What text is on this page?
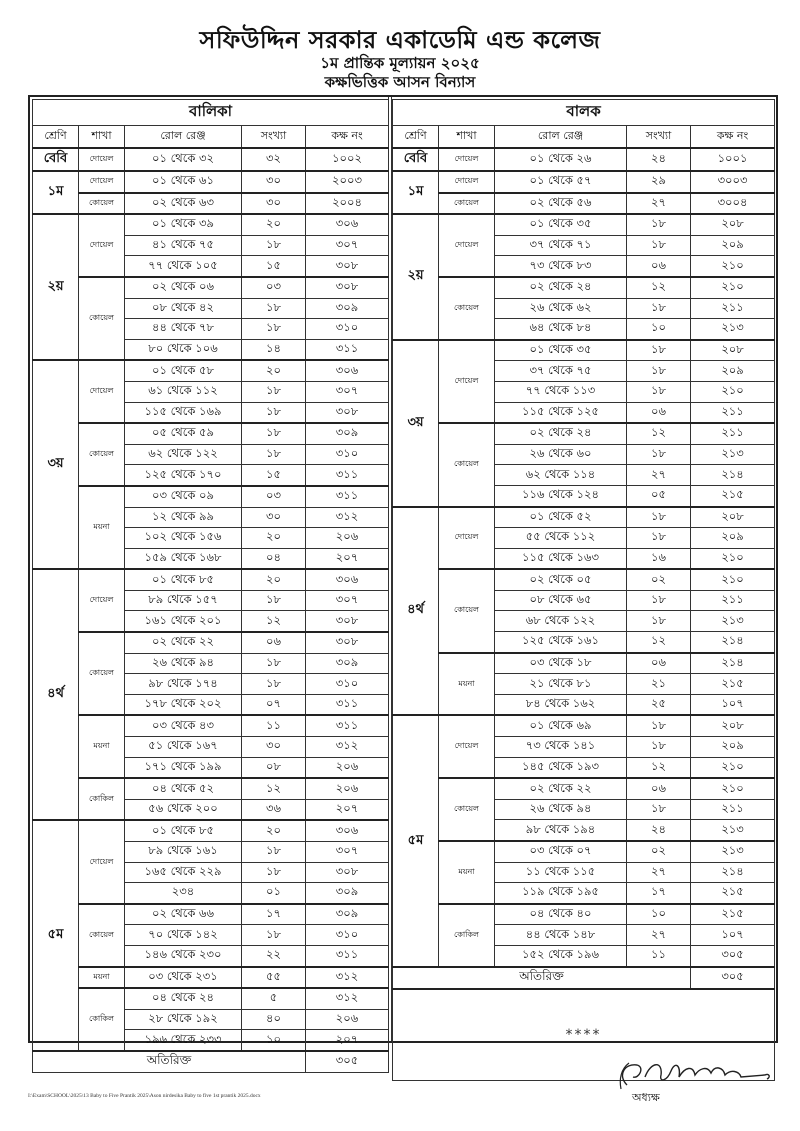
সফিউদ্দিন সরকার একাডেমি এন্ড কলেজ
১ম প্রান্তিক মূল্যায়ন ২০২৫
কক্ষভিত্তিক আসন বিন্যাস
বালিকা
শ্রেণি	শাখা	রোল রেঞ্জ	সংখ্যা	কক্ষ নং
বেবি	দোয়েল	০১ থেকে ৩২	৩২	১০০২
১ম	দোয়েল	০১ থেকে ৬১	৩০	২০০৩
কোয়েল	০২ থেকে ৬৩	৩০	২০০৪
২য়	দোয়েল	০১ থেকে ৩৯	২০	৩০৬
৪১ থেকে ৭৫	১৮	৩০৭
৭৭ থেকে ১০৫	১৫	৩০৮
কোয়েল	০২ থেকে ০৬	০৩	৩০৮
০৮ থেকে ৪২	১৮	৩০৯
৪৪ থেকে ৭৮	১৮	৩১০
৮০ থেকে ১০৬	১৪	৩১১
৩য়	দোয়েল	০১ থেকে ৫৮	২০	৩০৬
৬১ থেকে ১১২	১৮	৩০৭
১১৫ থেকে ১৬৯	১৮	৩০৮
কোয়েল	০৫ থেকে ৫৯	১৮	৩০৯
৬২ থেকে ১২২	১৮	৩১০
১২৫ থেকে ১৭০	১৫	৩১১
ময়না	০৩ থেকে ০৯	০৩	৩১১
১২ থেকে ৯৯	৩০	৩১২
১০২ থেকে ১৫৬	২০	২০৬
১৫৯ থেকে ১৬৮	০৪	২০৭
৪র্থ	দোয়েল	০১ থেকে ৮৫	২০	৩০৬
৮৯ থেকে ১৫৭	১৮	৩০৭
১৬১ থেকে ২০১	১২	৩০৮
কোয়েল	০২ থেকে ২২	০৬	৩০৮
২৬ থেকে ৯৪	১৮	৩০৯
৯৮ থেকে ১৭৪	১৮	৩১০
১৭৮ থেকে ২০২	০৭	৩১১
ময়না	০৩ থেকে ৪৩	১১	৩১১
৫১ থেকে ১৬৭	৩০	৩১২
১৭১ থেকে ১৯৯	০৮	২০৬
কোকিল	০৪ থেকে ৫২	১২	২০৬
৫৬ থেকে ২০০	৩৬	২০৭
৫ম	দোয়েল	০১ থেকে ৮৫	২০	৩০৬
৮৯ থেকে ১৬১	১৮	৩০৭
১৬৫ থেকে ২২৯	১৮	৩০৮
২৩৪	০১	৩০৯
কোয়েল	০২ থেকে ৬৬	১৭	৩০৯
৭০ থেকে ১৪২	১৮	৩১০
১৪৬ থেকে ২৩০	২২	৩১১
ময়না	০৩ থেকে ২৩১	৫৫	৩১২
কোকিল	০৪ থেকে ২৪	৫	৩১২
২৮ থেকে ১৯২	৪০	২০৬
১৯৬ থেকে ২৩৩	১০	২০৭
অতিরিক্ত	৩০৫
বালক
শ্রেণি	শাখা	রোল রেঞ্জ	সংখ্যা	কক্ষ নং
বেবি	দোয়েল	০১ থেকে ২৬	২৪	১০০১
১ম	দোয়েল	০১ থেকে ৫৭	২৯	৩০০৩
কোয়েল	০২ থেকে ৫৬	২৭	৩০০৪
২য়	দোয়েল	০১ থেকে ৩৫	১৮	২০৮
৩৭ থেকে ৭১	১৮	২০৯
৭৩ থেকে ৮৩	০৬	২১০
কোয়েল	০২ থেকে ২৪	১২	২১০
২৬ থেকে ৬২	১৮	২১১
৬৪ থেকে ৮৪	১০	২১৩
৩য়	দোয়েল	০১ থেকে ৩৫	১৮	২০৮
৩৭ থেকে ৭৫	১৮	২০৯
৭৭ থেকে ১১৩	১৮	২১০
১১৫ থেকে ১২৫	০৬	২১১
কোয়েল	০২ থেকে ২৪	১২	২১১
২৬ থেকে ৬০	১৮	২১৩
৬২ থেকে ১১৪	২৭	২১৪
১১৬ থেকে ১২৪	০৫	২১৫
৪র্থ	দোয়েল	০১ থেকে ৫২	১৮	২০৮
৫৫ থেকে ১১২	১৮	২০৯
১১৫ থেকে ১৬৩	১৬	২১০
কোয়েল	০২ থেকে ০৫	০২	২১০
০৮ থেকে ৬৫	১৮	২১১
৬৮ থেকে ১২২	১৮	২১৩
১২৫ থেকে ১৬১	১২	২১৪
ময়না	০৩ থেকে ১৮	০৬	২১৪
২১ থেকে ৮১	২১	২১৫
৮৪ থেকে ১৬২	২৫	১০৭
৫ম	দোয়েল	০১ থেকে ৬৯	১৮	২০৮
৭৩ থেকে ১৪১	১৮	২০৯
১৪৫ থেকে ১৯৩	১২	২১০
কোয়েল	০২ থেকে ২২	০৬	২১০
২৬ থেকে ৯৪	১৮	২১১
৯৮ থেকে ১৯৪	২৪	২১৩
ময়না	০৩ থেকে ০৭	০২	২১৩
১১ থেকে ১১৫	২৭	২১৪
১১৯ থেকে ১৯৫	১৭	২১৫
কোকিল	০৪ থেকে ৪০	১০	২১৫
৪৪ থেকে ১৪৮	২৭	১০৭
১৫২ থেকে ১৯৬	১১	৩০৫
অতিরিক্ত	৩০৫
****
অধ্যক্ষ
I:\Exam\SCHOOL\2025\13 Baby to Five Prantik 2025\Ason nirdesika Baby to five 1st prantik 2025.docx
